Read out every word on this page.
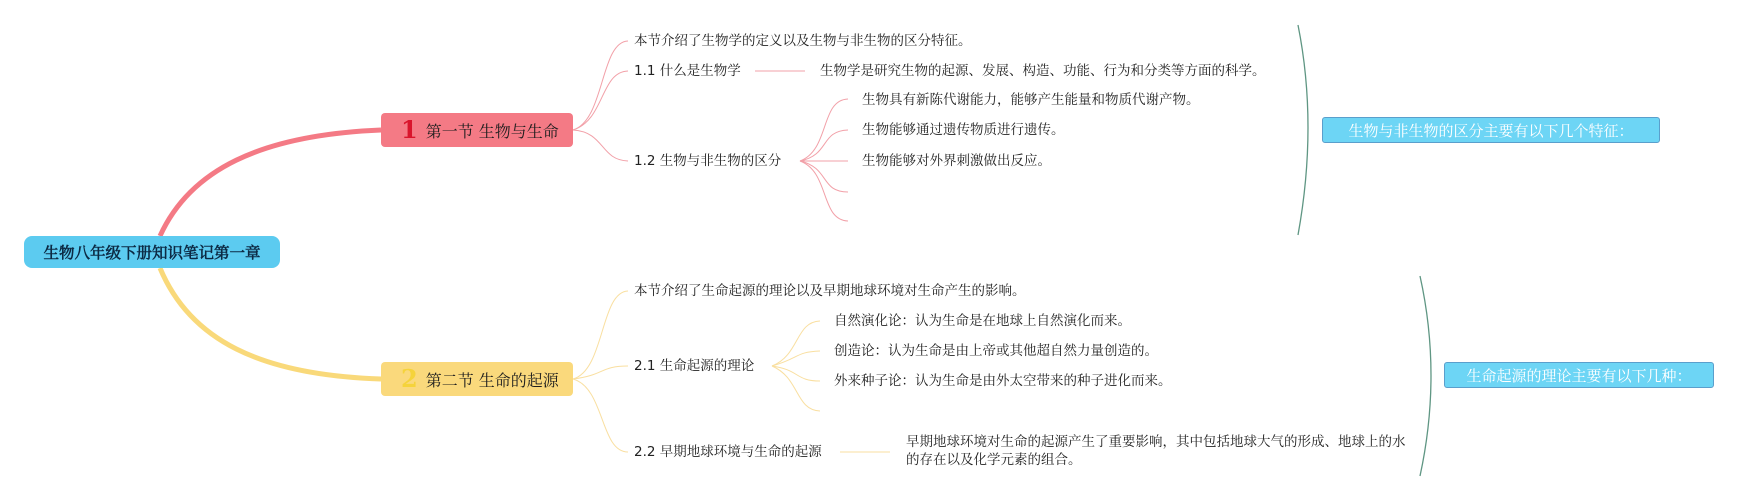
生物八年级下册知识笔记第一章
1 第一节 生物与生命
本节介绍了生物学的定义以及生物与非生物的区分特征。
1.1 什么是生物学	生物学是研究生物的起源、发展、构造、功能、行为和分类等方面的科学。
1.2 生物与非生物的区分
生物具有新陈代谢能力，能够产生能量和物质代谢产物。
生物能够通过遗传物质进行遗传。
生物能够对外界刺激做出反应。
生物与非生物的区分主要有以下几个特征：
2 第二节 生命的起源
本节介绍了生命起源的理论以及早期地球环境对生命产生的影响。
2.1 生命起源的理论
自然演化论：认为生命是在地球上自然演化而来。
创造论：认为生命是由上帝或其他超自然力量创造的。
外来种子论：认为生命是由外太空带来的种子进化而来。
2.2 早期地球环境与生命的起源
早期地球环境对生命的起源产生了重要影响，其中包括地球大气的形成、地球上的水的存在以及化学元素的组合。
生命起源的理论主要有以下几种：
